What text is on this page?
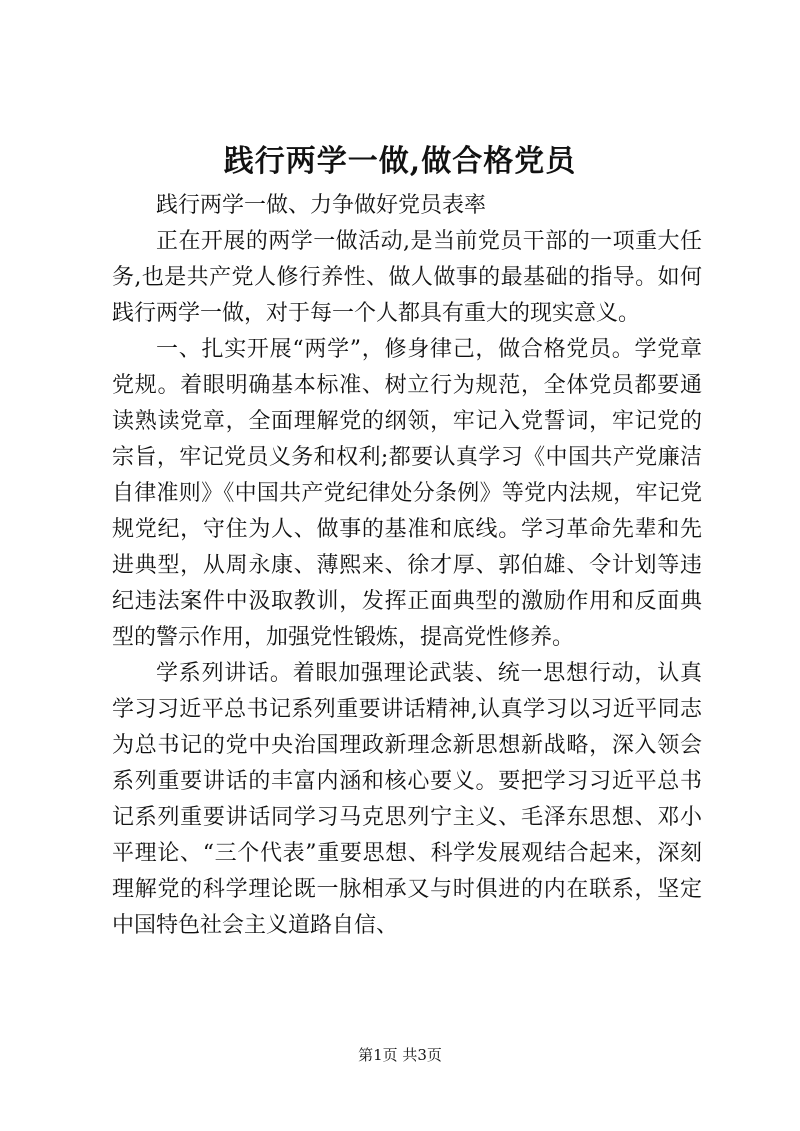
践行两学一做,做合格党员

践行两学一做、力争做好党员表率

正在开展的两学一做活动,是当前党员干部的一项重大任务,也是共产党人修行养性、做人做事的最基础的指导。如何践行两学一做，对于每一个人都具有重大的现实意义。

一、扎实开展“两学”，修身律己，做合格党员。学党章党规。着眼明确基本标准、树立行为规范，全体党员都要通读熟读党章，全面理解党的纲领，牢记入党誓词，牢记党的宗旨，牢记党员义务和权利;都要认真学习《中国共产党廉洁自律准则》《中国共产党纪律处分条例》等党内法规，牢记党规党纪，守住为人、做事的基准和底线。学习革命先辈和先进典型，从周永康、薄熙来、徐才厚、郭伯雄、令计划等违纪违法案件中汲取教训，发挥正面典型的激励作用和反面典型的警示作用，加强党性锻炼，提高党性修养。

学系列讲话。着眼加强理论武装、统一思想行动，认真学习习近平总书记系列重要讲话精神,认真学习以习近平同志为总书记的党中央治国理政新理念新思想新战略，深入领会系列重要讲话的丰富内涵和核心要义。要把学习习近平总书记系列重要讲话同学习马克思列宁主义、毛泽东思想、邓小平理论、“三个代表”重要思想、科学发展观结合起来，深刻理解党的科学理论既一脉相承又与时俱进的内在联系，坚定中国特色社会主义道路自信、

第1页 共3页
